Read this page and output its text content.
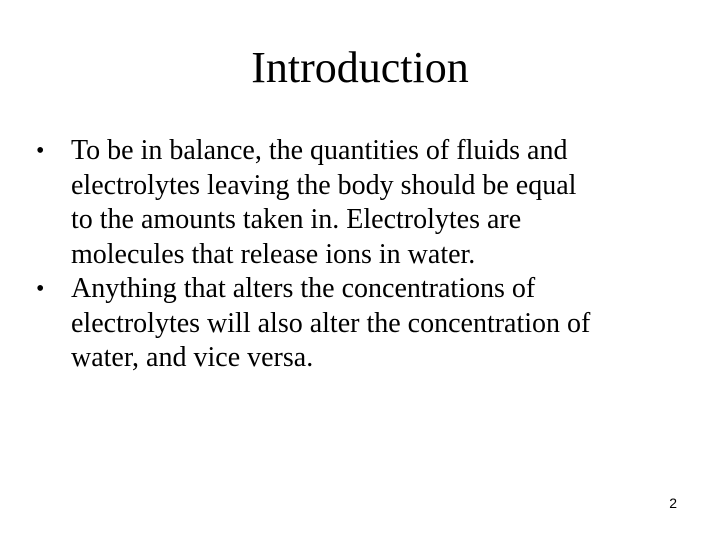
Introduction
• To be in balance, the quantities of fluids and
electrolytes leaving the body should be equal
to the amounts taken in. Electrolytes are
molecules that release ions in water.
• Anything that alters the concentrations of
electrolytes will also alter the concentration of
water, and vice versa.
2
